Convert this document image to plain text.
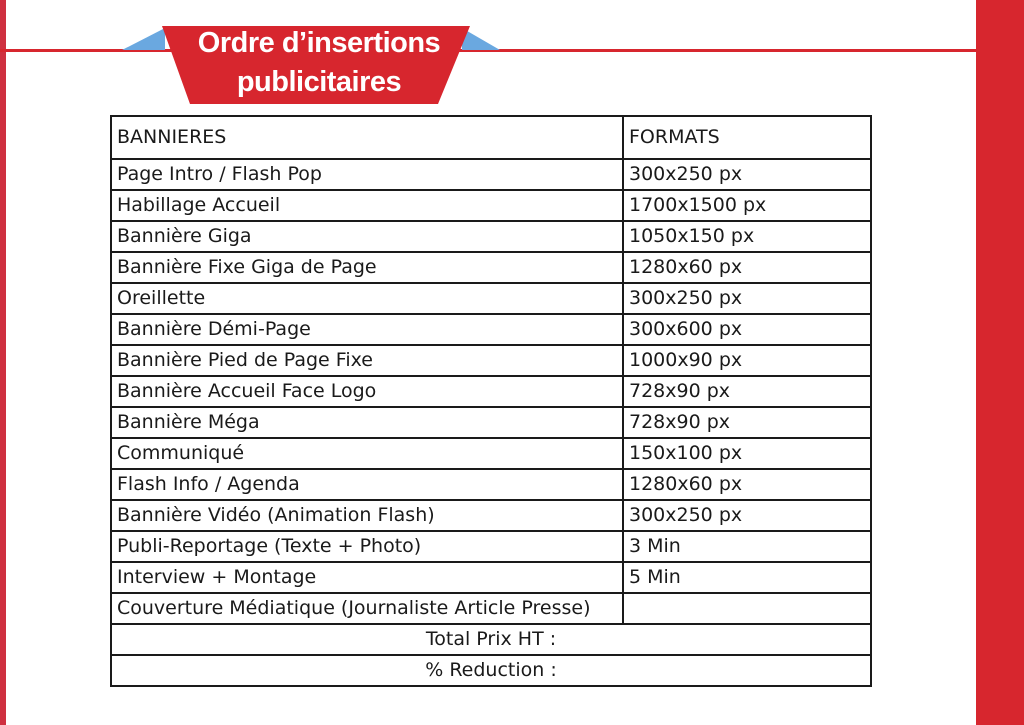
Ordre d’insertions
publicitaires
BANNIERES	FORMATS
Page Intro / Flash Pop	300x250 px
Habillage Accueil	1700x1500 px
Bannière Giga	1050x150 px
Bannière Fixe Giga de Page	1280x60 px
Oreillette	300x250 px
Bannière Démi-Page	300x600 px
Bannière Pied de Page Fixe	1000x90 px
Bannière Accueil Face Logo	728x90 px
Bannière Méga	728x90 px
Communiqué	150x100 px
Flash Info / Agenda	1280x60 px
Bannière Vidéo (Animation Flash)	300x250 px
Publi-Reportage (Texte + Photo)	3 Min
Interview + Montage	5 Min
Couverture Médiatique (Journaliste Article Presse)	
Total Prix HT :	
% Reduction :	
